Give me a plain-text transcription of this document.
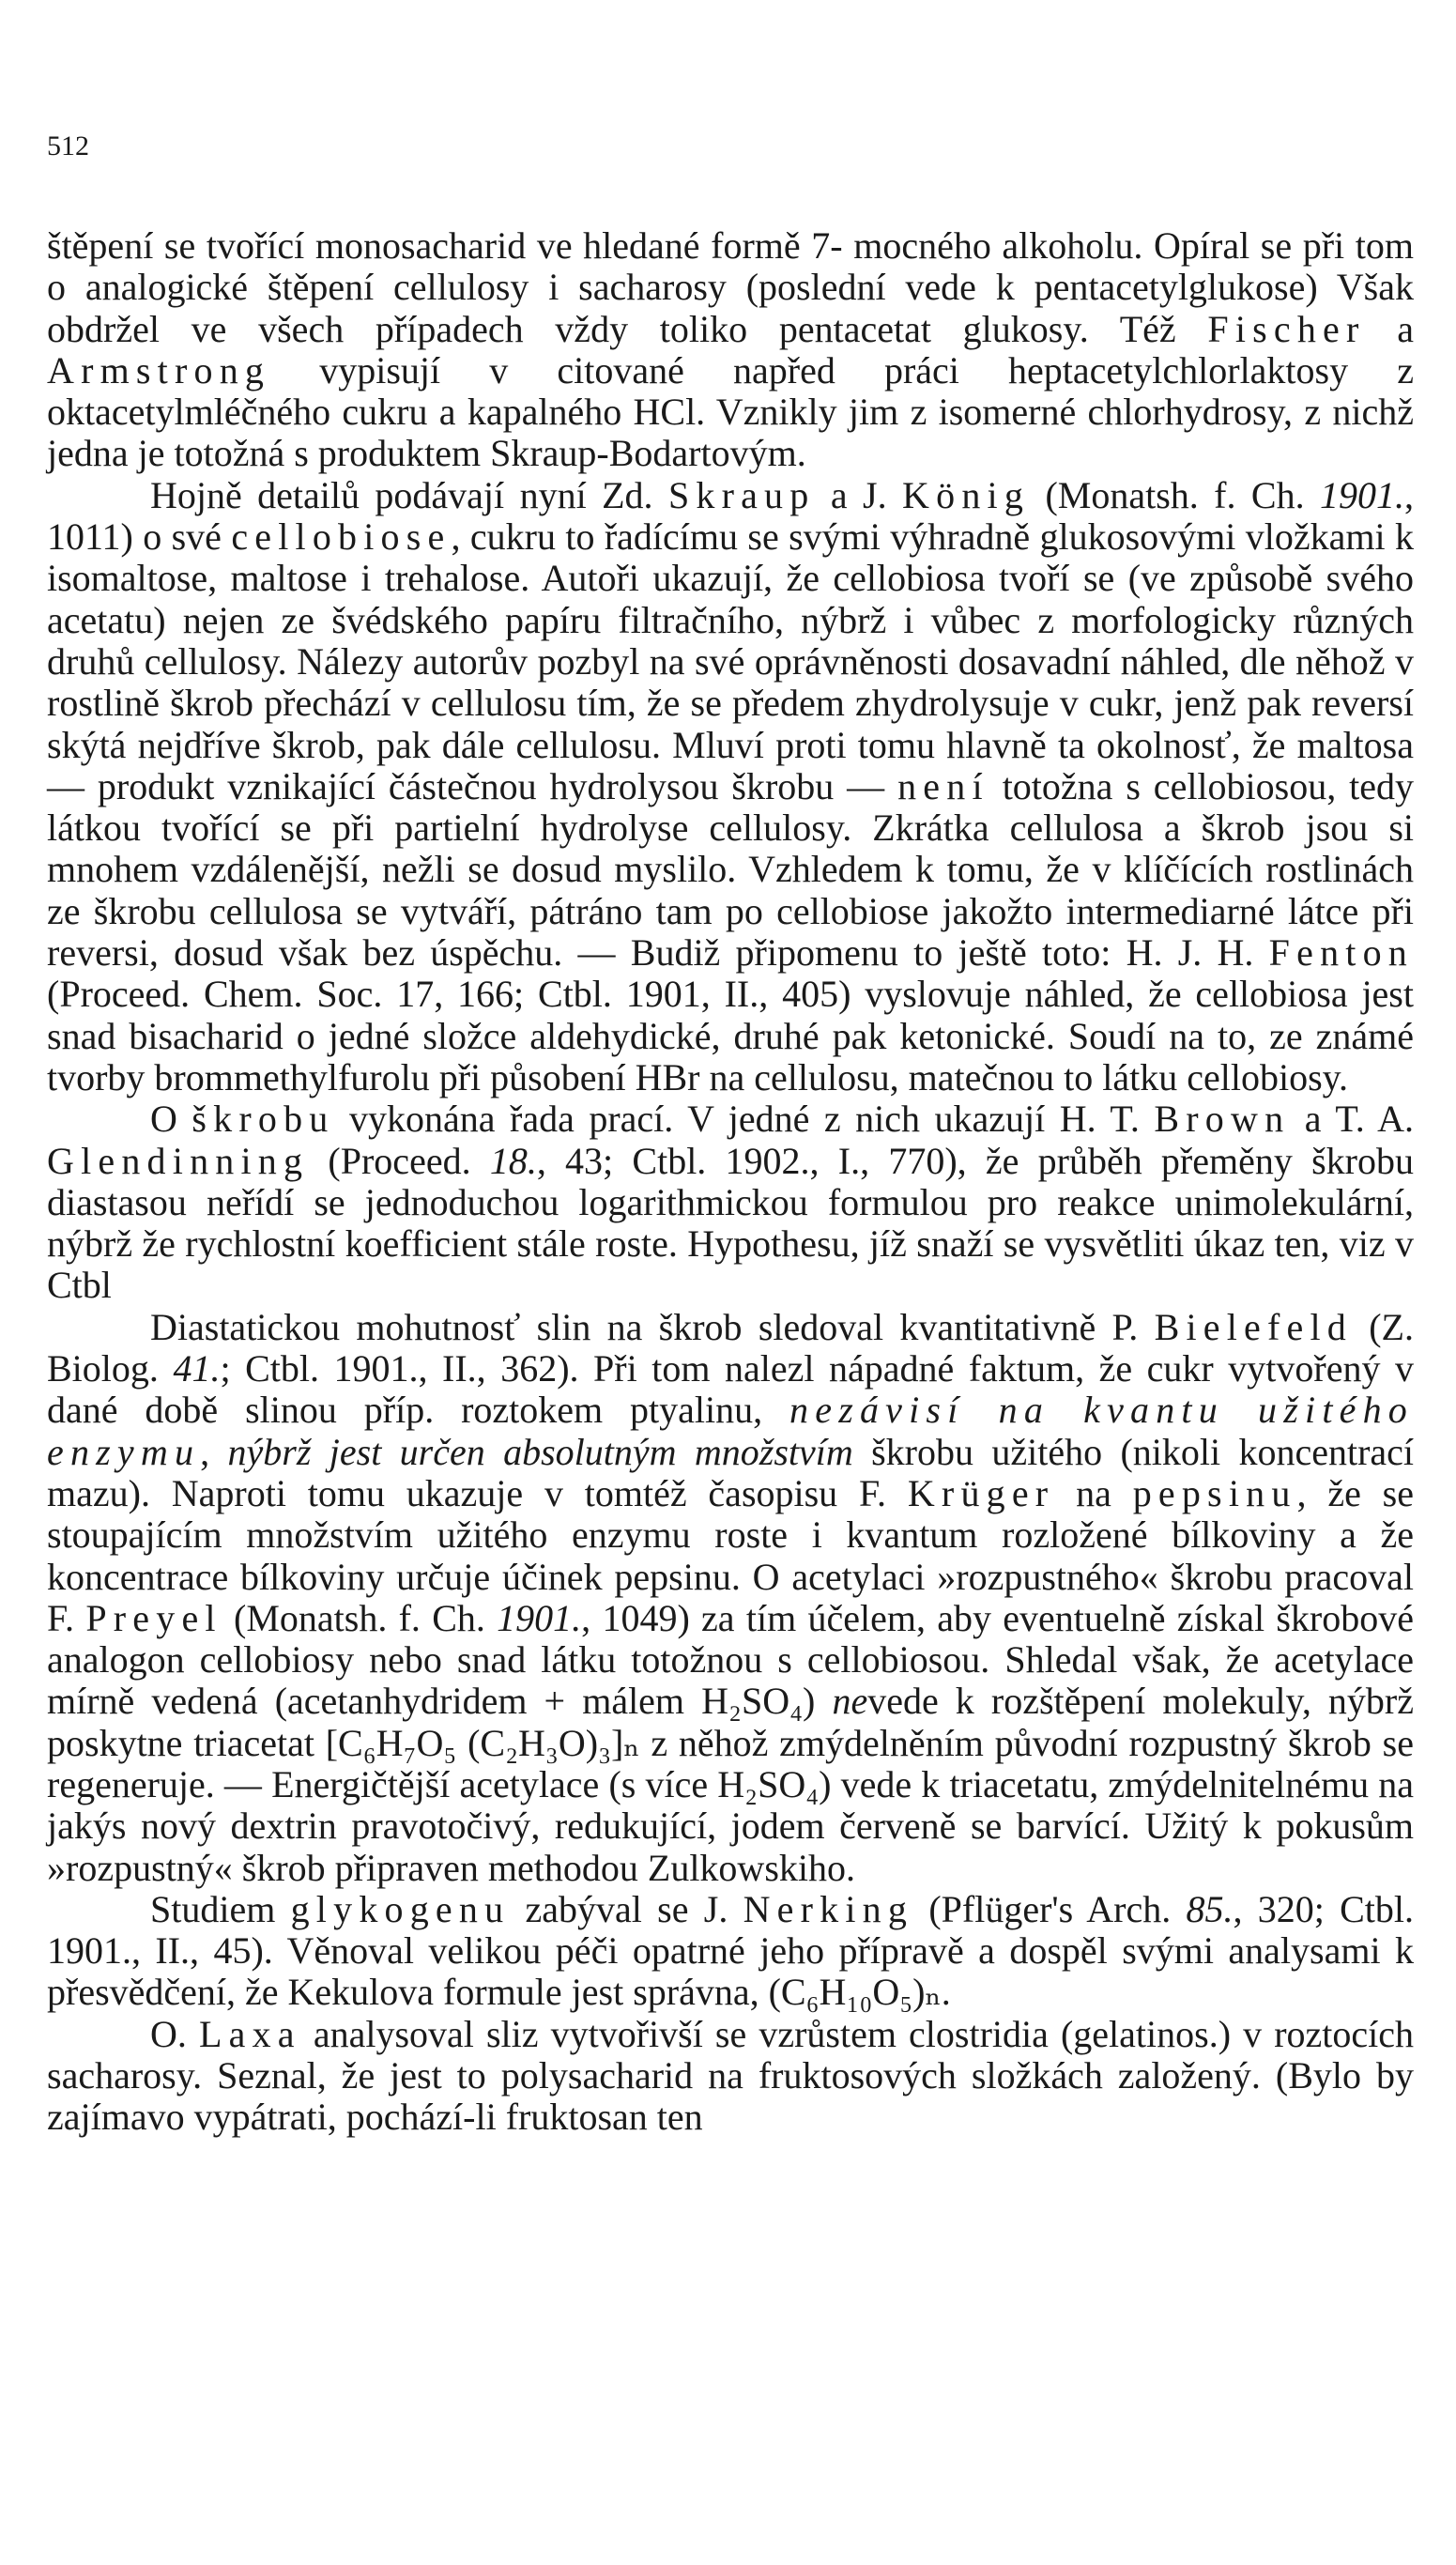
512

štěpení se tvořící monosacharid ve hledané formě 7- mocného alkoholu. Opíral se při tom o analogické štěpení cellulosy i sacharosy (poslední vede k pentacetylglukose) Však obdržel ve všech případech vždy toliko pentacetat glukosy. Též Fischer a Armstrong vypisují v citované napřed práci heptacetylchlorlaktosy z oktacetylmléčného cukru a kapalného HCl. Vznikly jim z isomerné chlorhydrosy, z nichž jedna je totožná s produktem Skraup-Bodartovým.

Hojně detailů podávají nyní Zd. Skraup a J. König (Monatsh. f. Ch. 1901., 1011) o své cellobiose, cukru to řadícímu se svými výhradně glukosovými vložkami k isomaltose, maltose i trehalose. Autoři ukazují, že cellobiosa tvoří se (ve způsobě svého acetatu) nejen ze švédského papíru filtračního, nýbrž i vůbec z morfologicky různých druhů cellulosy. Nálezy autorův pozbyl na své oprávněnosti dosavadní náhled, dle něhož v rostlině škrob přechází v cellulosu tím, že se předem zhydrolysuje v cukr, jenž pak reversí skýtá nejdříve škrob, pak dále cellulosu. Mluví proti tomu hlavně ta okolnosť, že maltosa — produkt vznikající částečnou hydrolysou škrobu — není totožna s cellobiosou, tedy látkou tvořící se při partielní hydrolyse cellulosy. Zkrátka cellulosa a škrob jsou si mnohem vzdálenější, nežli se dosud myslilo. Vzhledem k tomu, že v klíčících rostlinách ze škrobu cellulosa se vytváří, pátráno tam po cellobiose jakožto intermediarné látce při reversi, dosud však bez úspěchu. — Budiž připomenu to ještě toto: H. J. H. Fenton (Proceed. Chem. Soc. 17, 166; Ctbl. 1901, II., 405) vyslovuje náhled, že cellobiosa jest snad bisacharid o jedné složce aldehydické, druhé pak ketonické. Soudí na to, ze známé tvorby brommethylfurolu při působení HBr na cellulosu, matečnou to látku cellobiosy.

O škrobu vykonána řada prací. V jedné z nich ukazují H. T. Brown a T. A. Glendinning (Proceed. 18., 43; Ctbl. 1902., I., 770), že průběh přeměny škrobu diastasou neřídí se jednoduchou logarithmickou formulou pro reakce unimolekulární, nýbrž že rychlostní koefficient stále roste. Hypothesu, jíž snaží se vysvětliti úkaz ten, viz v Ctbl

Diastatickou mohutnosť slin na škrob sledoval kvantitativně P. Bielefeld (Z. Biolog. 41.; Ctbl. 1901., II., 362). Při tom nalezl nápadné faktum, že cukr vytvořený v dané době slinou příp. roztokem ptyalinu, nezávisí na kvantu užitého enzymu, nýbrž jest určen absolutným množstvím škrobu užitého (nikoli koncentrací mazu). Naproti tomu ukazuje v tomtéž časopisu F. Krüger na pepsinu, že se stoupajícím množstvím užitého enzymu roste i kvantum rozložené bílkoviny a že koncentrace bílkoviny určuje účinek pepsinu. O acetylaci »rozpustného« škrobu pracoval F. Preyel (Monatsh. f. Ch. 1901., 1049) za tím účelem, aby eventuelně získal škrobové analogon cellobiosy nebo snad látku totožnou s cellobiosou. Shledal však, že acetylace mírně vedená (acetanhydridem + málem H₂SO₄) nevede k rozštěpení molekuly, nýbrž poskytne triacetat [C₆H₇O₅ (C₂H₃O)₃]ₙ z něhož zmýdelněním původní rozpustný škrob se regeneruje. — Energičtější acetylace (s více H₂SO₄) vede k triacetatu, zmýdelnitelnému na jakýs nový dextrin pravotočivý, redukující, jodem červeně se barvící. Užitý k pokusům »rozpustný« škrob připraven methodou Zulkowskiho.

Studiem glykogenu zabýval se J. Nerking (Pflüger's Arch. 85., 320; Ctbl. 1901., II., 45). Věnoval velikou péči opatrné jeho přípravě a dospěl svými analysami k přesvědčení, že Kekulova formule jest správna, (C₆H₁₀O₅)ₙ.

O. Laxa analysoval sliz vytvořivší se vzrůstem clostridia (gelatinos.) v roztocích sacharosy. Seznal, že jest to polysacharid na fruktosových složkách založený. (Bylo by zajímavo vypátrati, pochází-li fruktosan ten
